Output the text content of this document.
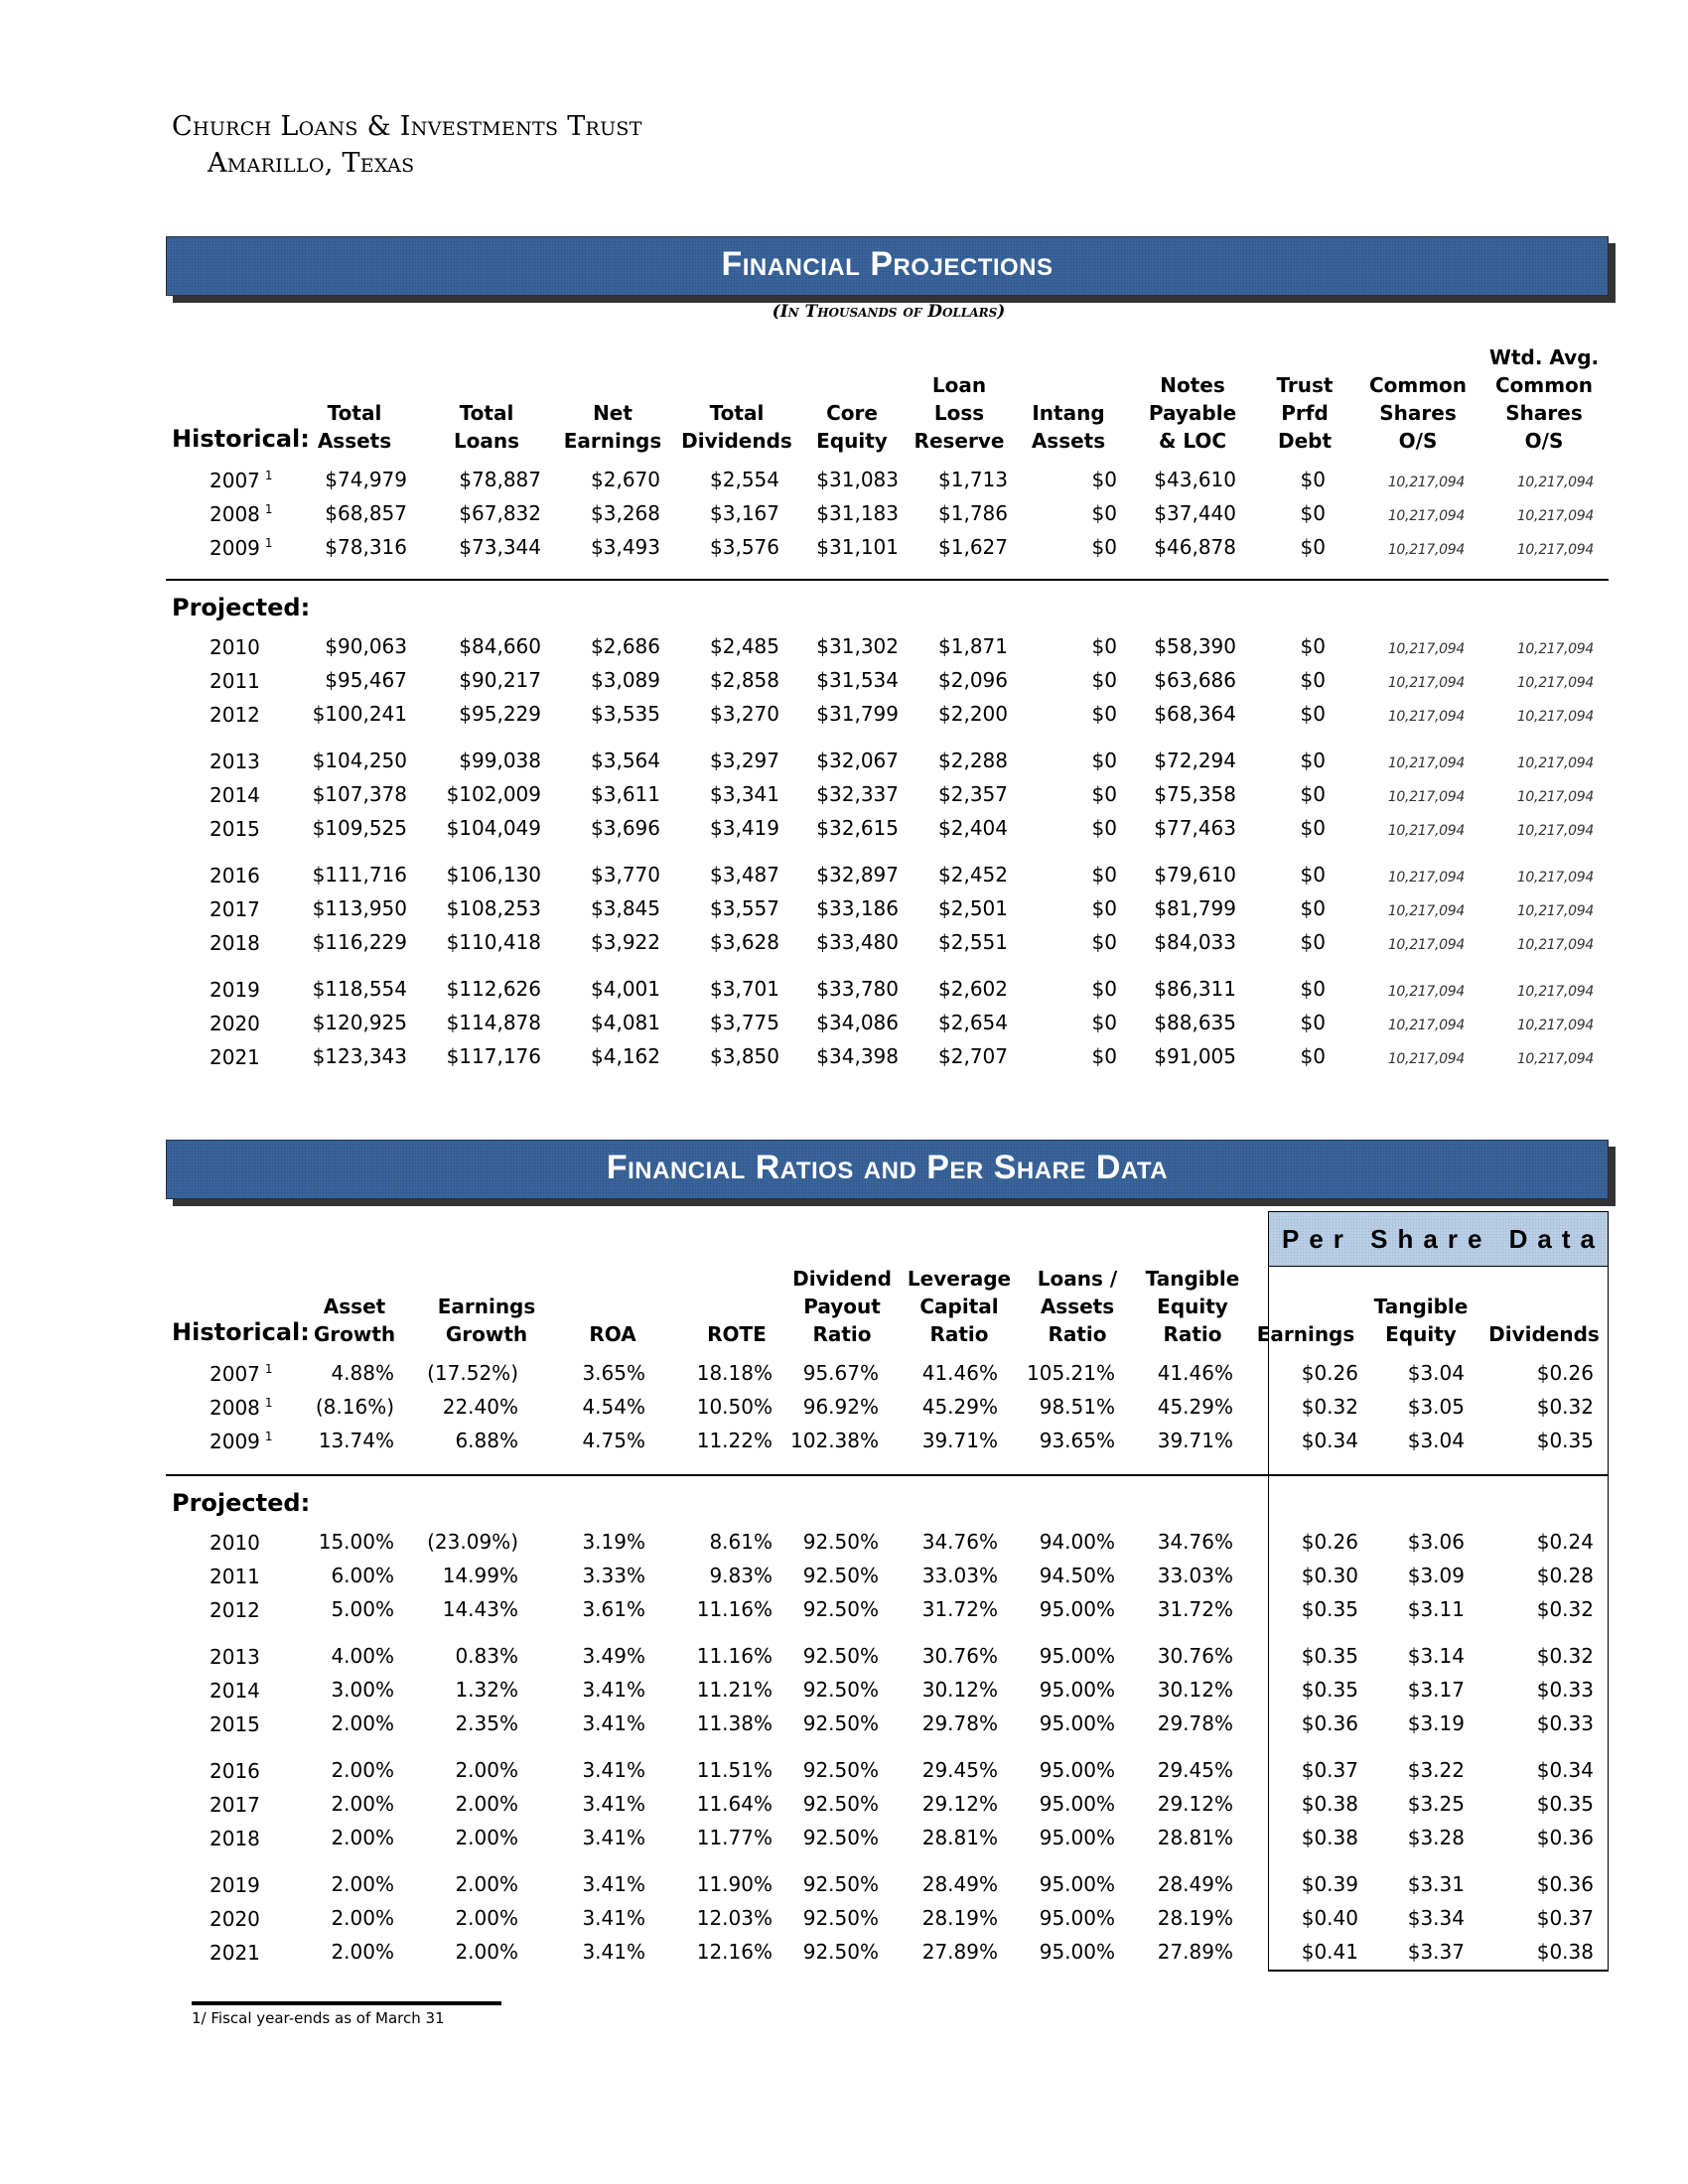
Church Loans & Investments Trust
Amarillo, Texas
Financial Projections
(In Thousands of Dollars)
Total
Assets
Total
Loans
Net
Earnings
Total
Dividends
Core
Equity
Loan
Loss
Reserve
Intang
Assets
Notes
Payable
& LOC
Trust
Prfd
Debt
Common
Shares
O/S
Wtd. Avg.
Common
Shares
O/S
Historical:
2007 $^1$	$74,979	$78,887	$2,670	$2,554	$31,083	$1,713	$0	$43,610	$0	10,217,094	10,217,094
2008 $^1$	$68,857	$67,832	$3,268	$3,167	$31,183	$1,786	$0	$37,440	$0	10,217,094	10,217,094
2009 $^1$	$78,316	$73,344	$3,493	$3,576	$31,101	$1,627	$0	$46,878	$0	10,217,094	10,217,094
Projected:
2010	$90,063	$84,660	$2,686	$2,485	$31,302	$1,871	$0	$58,390	$0	10,217,094	10,217,094
2011	$95,467	$90,217	$3,089	$2,858	$31,534	$2,096	$0	$63,686	$0	10,217,094	10,217,094
2012	$100,241	$95,229	$3,535	$3,270	$31,799	$2,200	$0	$68,364	$0	10,217,094	10,217,094
2013	$104,250	$99,038	$3,564	$3,297	$32,067	$2,288	$0	$72,294	$0	10,217,094	10,217,094
2014	$107,378	$102,009	$3,611	$3,341	$32,337	$2,357	$0	$75,358	$0	10,217,094	10,217,094
2015	$109,525	$104,049	$3,696	$3,419	$32,615	$2,404	$0	$77,463	$0	10,217,094	10,217,094
2016	$111,716	$106,130	$3,770	$3,487	$32,897	$2,452	$0	$79,610	$0	10,217,094	10,217,094
2017	$113,950	$108,253	$3,845	$3,557	$33,186	$2,501	$0	$81,799	$0	10,217,094	10,217,094
2018	$116,229	$110,418	$3,922	$3,628	$33,480	$2,551	$0	$84,033	$0	10,217,094	10,217,094
2019	$118,554	$112,626	$4,001	$3,701	$33,780	$2,602	$0	$86,311	$0	10,217,094	10,217,094
2020	$120,925	$114,878	$4,081	$3,775	$34,086	$2,654	$0	$88,635	$0	10,217,094	10,217,094
2021	$123,343	$117,176	$4,162	$3,850	$34,398	$2,707	$0	$91,005	$0	10,217,094	10,217,094
Financial Ratios and Per Share Data
Per Share Data
Asset
Growth
Earnings
Growth	ROA	ROTE
Dividend
Payout
Ratio
Leverage
Capital
Ratio
Loans /
Assets
Ratio
Tangible
Equity
Ratio	Earnings
Tangible
Equity	Dividends
Historical:
2007 $^1$	4.88%	(17.52%)	3.65%	18.18%	95.67%	41.46%	105.21%	41.46%	$0.26	$3.04	$0.26
2008 $^1$	(8.16%)	22.40%	4.54%	10.50%	96.92%	45.29%	98.51%	45.29%	$0.32	$3.05	$0.32
2009 $^1$	13.74%	6.88%	4.75%	11.22% 102.38%	39.71%	93.65%	39.71%	$0.34	$3.04	$0.35
Projected:
2010	15.00%	(23.09%)	3.19%	8.61%	92.50%	34.76%	94.00%	34.76%	$0.26	$3.06	$0.24
2011	6.00%	14.99%	3.33%	9.83%	92.50%	33.03%	94.50%	33.03%	$0.30	$3.09	$0.28
2012	5.00%	14.43%	3.61%	11.16%	92.50%	31.72%	95.00%	31.72%	$0.35	$3.11	$0.32
2013	4.00%	0.83%	3.49%	11.16%	92.50%	30.76%	95.00%	30.76%	$0.35	$3.14	$0.32
2014	3.00%	1.32%	3.41%	11.21%	92.50%	30.12%	95.00%	30.12%	$0.35	$3.17	$0.33
2015	2.00%	2.35%	3.41%	11.38%	92.50%	29.78%	95.00%	29.78%	$0.36	$3.19	$0.33
2016	2.00%	2.00%	3.41%	11.51%	92.50%	29.45%	95.00%	29.45%	$0.37	$3.22	$0.34
2017	2.00%	2.00%	3.41%	11.64%	92.50%	29.12%	95.00%	29.12%	$0.38	$3.25	$0.35
2018	2.00%	2.00%	3.41%	11.77%	92.50%	28.81%	95.00%	28.81%	$0.38	$3.28	$0.36
2019	2.00%	2.00%	3.41%	11.90%	92.50%	28.49%	95.00%	28.49%	$0.39	$3.31	$0.36
2020	2.00%	2.00%	3.41%	12.03%	92.50%	28.19%	95.00%	28.19%	$0.40	$3.34	$0.37
2021	2.00%	2.00%	3.41%	12.16%	92.50%	27.89%	95.00%	27.89%	$0.41	$3.37	$0.38
1/ Fiscal year-ends as of March 31
